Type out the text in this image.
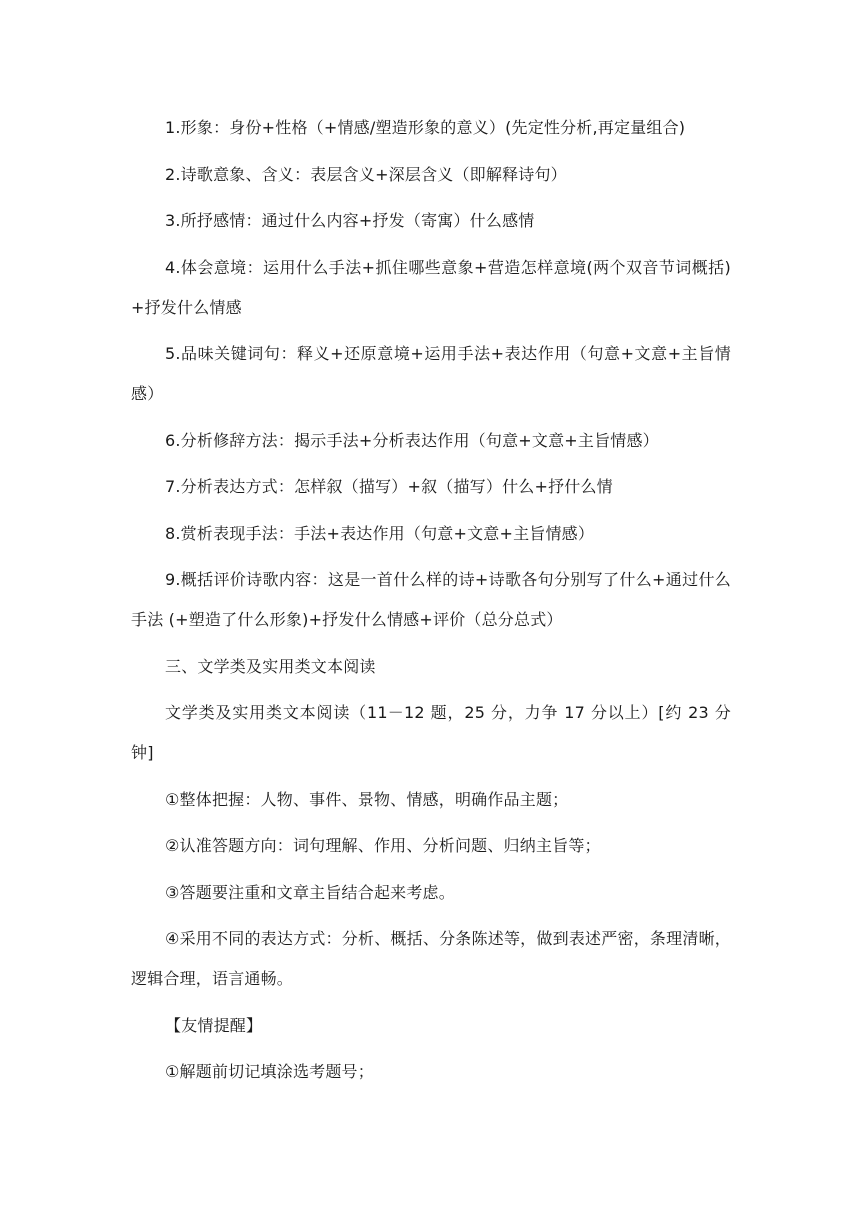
1.形象：身份+性格（+情感/塑造形象的意义）(先定性分析,再定量组合)

2.诗歌意象、含义：表层含义+深层含义（即解释诗句）

3.所抒感情：通过什么内容+抒发（寄寓）什么感情

4.体会意境：运用什么手法+抓住哪些意象+营造怎样意境(两个双音节词概括)+抒发什么情感

5.品味关键词句：释义+还原意境+运用手法+表达作用（句意+文意+主旨情感）

6.分析修辞方法：揭示手法+分析表达作用（句意+文意+主旨情感）

7.分析表达方式：怎样叙（描写）+叙（描写）什么+抒什么情

8.赏析表现手法：手法+表达作用（句意+文意+主旨情感）

9.概括评价诗歌内容：这是一首什么样的诗+诗歌各句分别写了什么+通过什么手法 (+塑造了什么形象)+抒发什么情感+评价（总分总式）

三、文学类及实用类文本阅读

文学类及实用类文本阅读（11－12 题，25 分，力争 17 分以上）[约 23 分钟]

①整体把握：人物、事件、景物、情感，明确作品主题；

②认准答题方向：词句理解、作用、分析问题、归纳主旨等；

③答题要注重和文章主旨结合起来考虑。

④采用不同的表达方式：分析、概括、分条陈述等，做到表述严密，条理清晰，逻辑合理，语言通畅。

【友情提醒】

①解题前切记填涂选考题号；
